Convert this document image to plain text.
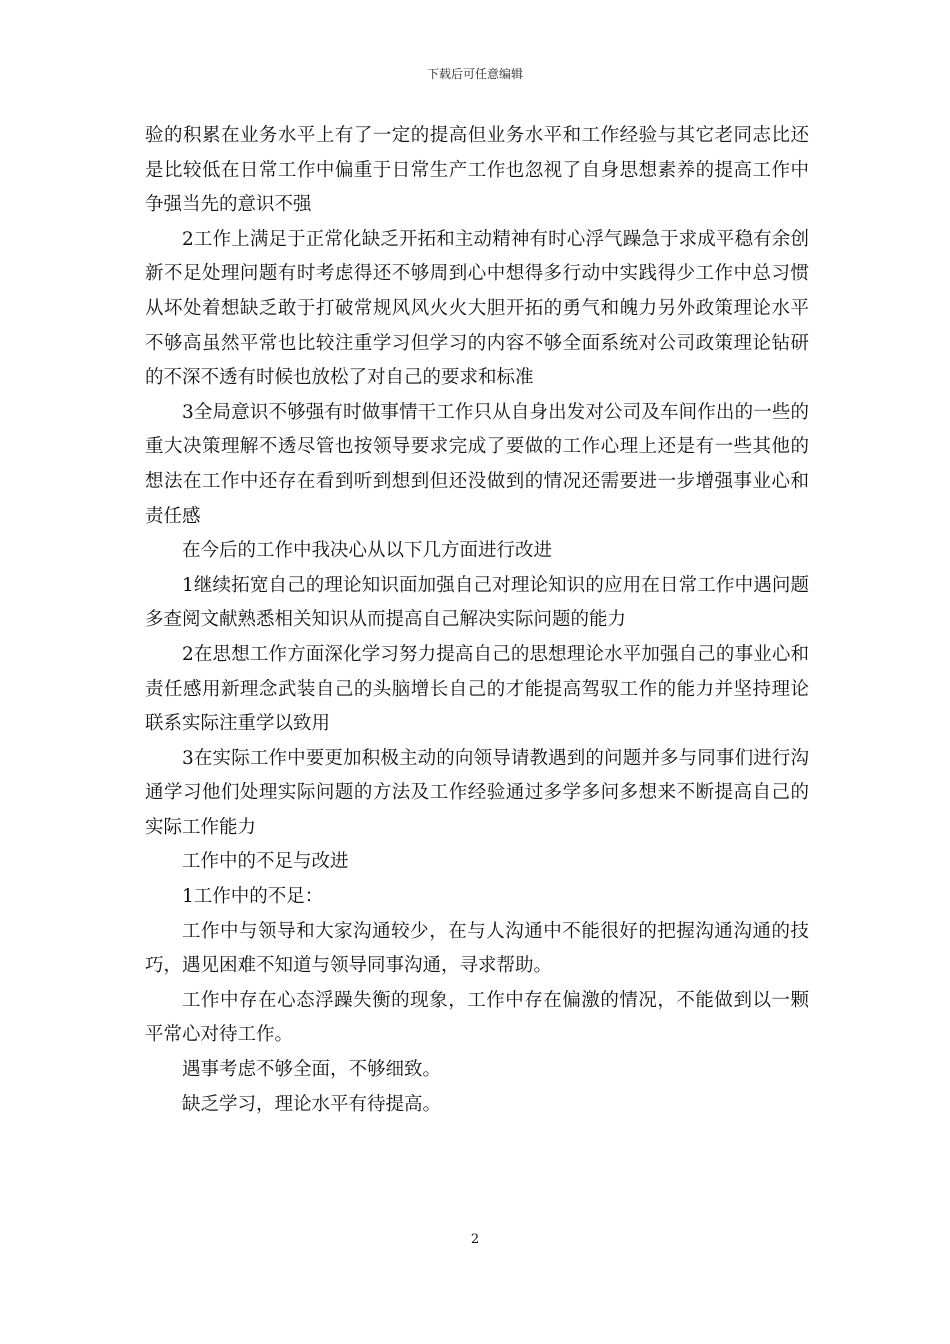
下载后可任意编辑

验的积累在业务水平上有了一定的提高但业务水平和工作经验与其它老同志比还是比较低在日常工作中偏重于日常生产工作也忽视了自身思想素养的提高工作中争强当先的意识不强

2工作上满足于正常化缺乏开拓和主动精神有时心浮气躁急于求成平稳有余创新不足处理问题有时考虑得还不够周到心中想得多行动中实践得少工作中总习惯从坏处着想缺乏敢于打破常规风风火火大胆开拓的勇气和魄力另外政策理论水平不够高虽然平常也比较注重学习但学习的内容不够全面系统对公司政策理论钻研的不深不透有时候也放松了对自己的要求和标准

3全局意识不够强有时做事情干工作只从自身出发对公司及车间作出的一些的重大决策理解不透尽管也按领导要求完成了要做的工作心理上还是有一些其他的想法在工作中还存在看到听到想到但还没做到的情况还需要进一步增强事业心和责任感

在今后的工作中我决心从以下几方面进行改进

1继续拓宽自己的理论知识面加强自己对理论知识的应用在日常工作中遇问题多查阅文献熟悉相关知识从而提高自己解决实际问题的能力

2在思想工作方面深化学习努力提高自己的思想理论水平加强自己的事业心和责任感用新理念武装自己的头脑增长自己的才能提高驾驭工作的能力并坚持理论联系实际注重学以致用

3在实际工作中要更加积极主动的向领导请教遇到的问题并多与同事们进行沟通学习他们处理实际问题的方法及工作经验通过多学多问多想来不断提高自己的实际工作能力

工作中的不足与改进

1工作中的不足：

工作中与领导和大家沟通较少，在与人沟通中不能很好的把握沟通沟通的技巧，遇见困难不知道与领导同事沟通，寻求帮助。

工作中存在心态浮躁失衡的现象，工作中存在偏激的情况，不能做到以一颗平常心对待工作。

遇事考虑不够全面，不够细致。

缺乏学习，理论水平有待提高。

2
